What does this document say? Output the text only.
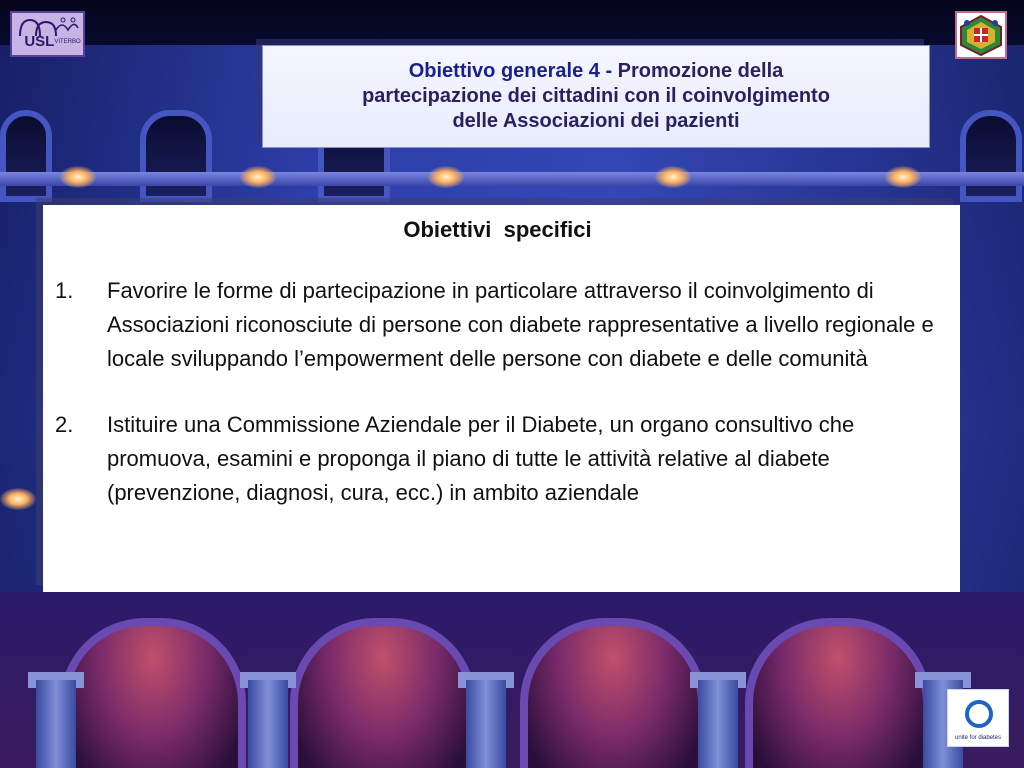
USLVITERBO
Obiettivo generale 4 - Promozione della
partecipazione dei cittadini con il coinvolgimento
delle Associazioni dei pazienti
Obiettivi  specifici
1.	Favorire le forme di partecipazione in particolare attraverso il coinvolgimento di Associazioni riconosciute di persone con diabete rappresentative a livello regionale e locale sviluppando l’empowerment delle persone con diabete e delle comunità
2.	Istituire una Commissione Aziendale per il Diabete, un organo consultivo che promuova, esamini e proponga il piano di tutte le attività relative al diabete (prevenzione, diagnosi, cura, ecc.) in ambito aziendale
unite for diabetes
